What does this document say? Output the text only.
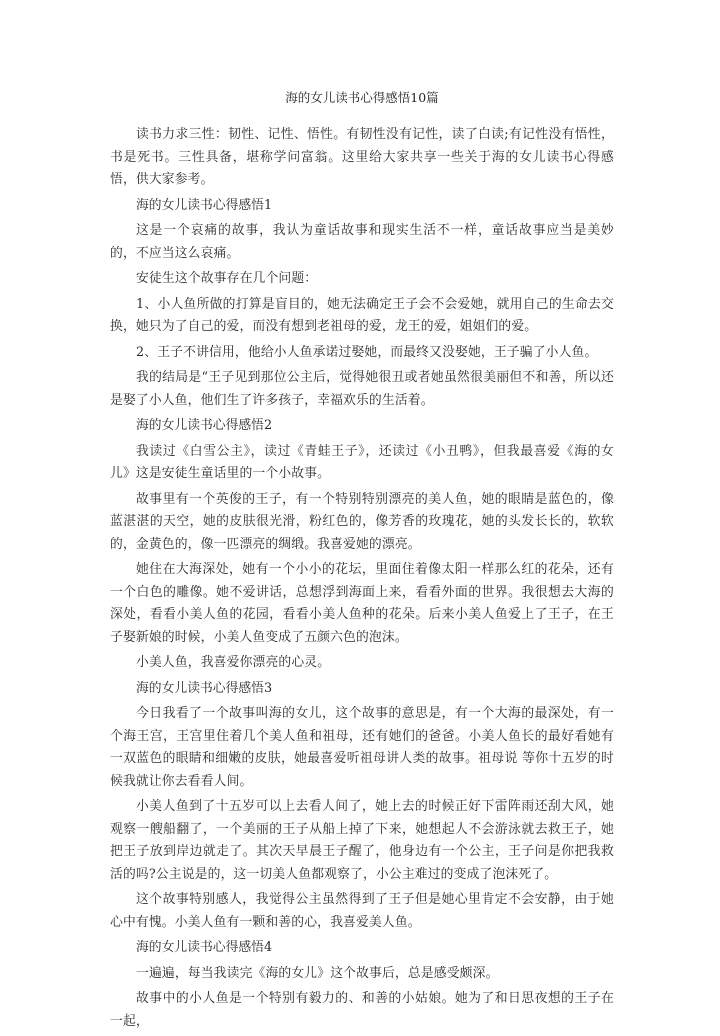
海的女儿读书心得感悟10篇

读书力求三性：韧性、记性、悟性。有韧性没有记性，读了白读;有记性没有悟性，书是死书。三性具备，堪称学问富翁。这里给大家共享一些关于海的女儿读书心得感悟，供大家参考。

海的女儿读书心得感悟1

这是一个哀痛的故事，我认为童话故事和现实生活不一样，童话故事应当是美妙的，不应当这么哀痛。

安徒生这个故事存在几个问题：

1、小人鱼所做的打算是盲目的，她无法确定王子会不会爱她，就用自己的生命去交换，她只为了自己的爱，而没有想到老祖母的爱，龙王的爱，姐姐们的爱。

2、王子不讲信用，他给小人鱼承诺过娶她，而最终又没娶她，王子骗了小人鱼。

我的结局是“王子见到那位公主后，觉得她很丑或者她虽然很美丽但不和善，所以还是娶了小人鱼，他们生了许多孩子，幸福欢乐的生活着。

海的女儿读书心得感悟2

我读过《白雪公主》，读过《青蛙王子》，还读过《小丑鸭》，但我最喜爱《海的女儿》这是安徒生童话里的一个小故事。

故事里有一个英俊的王子，有一个特别特别漂亮的美人鱼，她的眼睛是蓝色的，像蓝湛湛的天空，她的皮肤很光滑，粉红色的，像芳香的玫瑰花，她的头发长长的，软软的，金黄色的，像一匹漂亮的绸缎。我喜爱她的漂亮。

她住在大海深处，她有一个小小的花坛，里面住着像太阳一样那么红的花朵，还有一个白色的雕像。她不爱讲话，总想浮到海面上来，看看外面的世界。我很想去大海的深处，看看小美人鱼的花园，看看小美人鱼种的花朵。后来小美人鱼爱上了王子，在王子娶新娘的时候，小美人鱼变成了五颜六色的泡沫。

小美人鱼，我喜爱你漂亮的心灵。

海的女儿读书心得感悟3

今日我看了一个故事叫海的女儿，这个故事的意思是，有一个大海的最深处，有一个海王宫，王宫里住着几个美人鱼和祖母，还有她们的爸爸。小美人鱼长的最好看她有一双蓝色的眼睛和细嫩的皮肤，她最喜爱听祖母讲人类的故事。祖母说 等你十五岁的时候我就让你去看看人间。

小美人鱼到了十五岁可以上去看人间了，她上去的时候正好下雷阵雨还刮大风，她观察一艘船翻了，一个美丽的王子从船上掉了下来，她想起人不会游泳就去救王子，她把王子放到岸边就走了。其次天早晨王子醒了，他身边有一个公主，王子问是你把我救活的吗?公主说是的，这一切美人鱼都观察了，小公主难过的变成了泡沫死了。

这个故事特别感人，我觉得公主虽然得到了王子但是她心里肯定不会安静，由于她心中有愧。小美人鱼有一颗和善的心，我喜爱美人鱼。

海的女儿读书心得感悟4

一遍遍，每当我读完《海的女儿》这个故事后，总是感受颇深。

故事中的小人鱼是一个特别有毅力的、和善的小姑娘。她为了和日思夜想的王子在一起，
